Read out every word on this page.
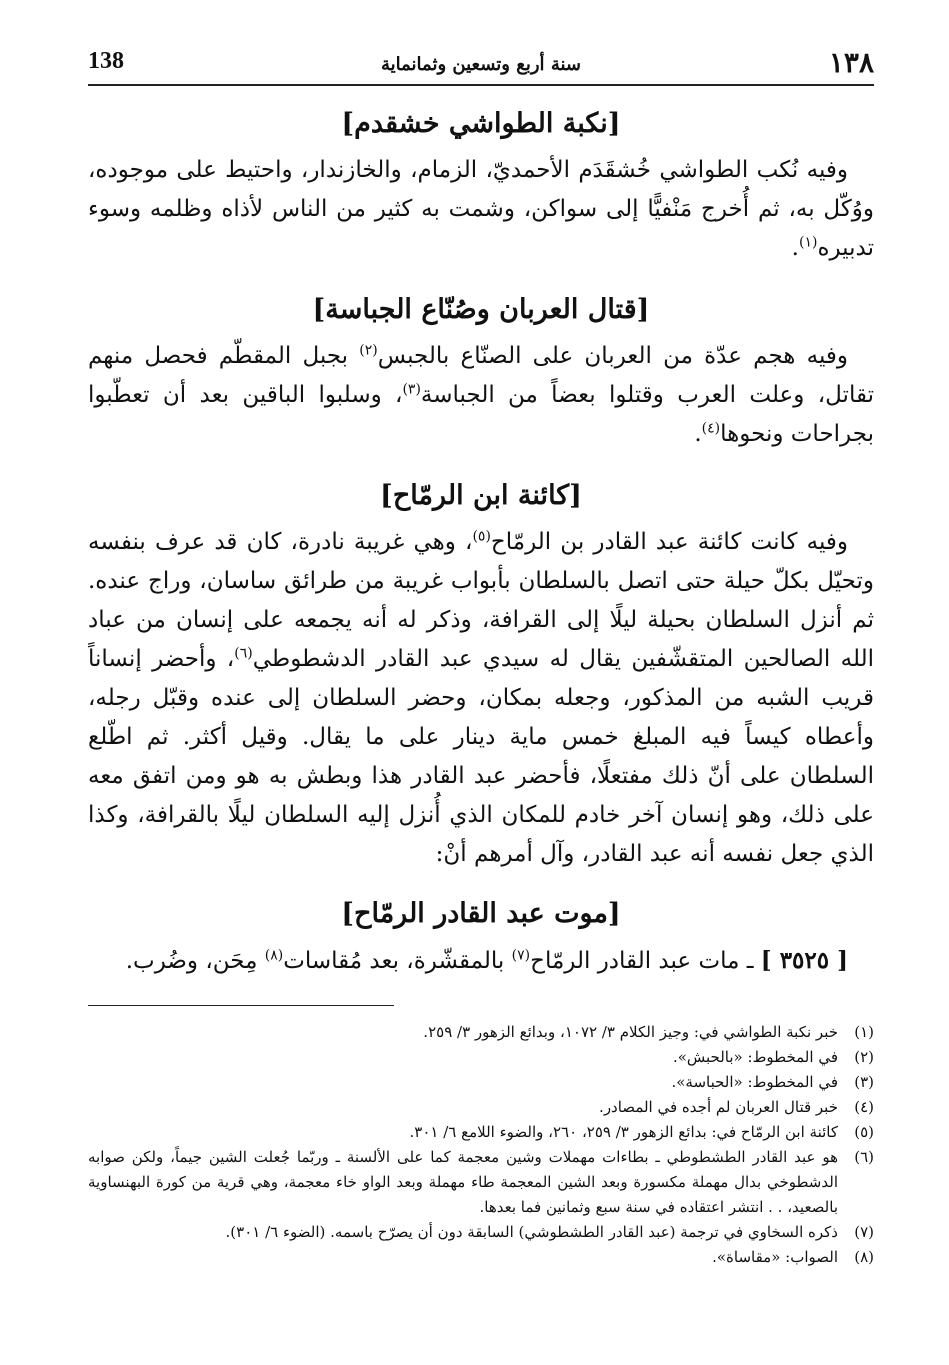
١٣٨
سنة أربع وتسعين وثمانماية
138
[نكبة الطواشي خشقدم]

وفيه نُكب الطواشي خُشقَدَم الأحمديّ، الزمام، والخازندار، واحتيط على موجوده، ووُكّل به، ثم أُخرج مَنْفيًّا إلى سواكن، وشمت به كثير من الناس لأذاه وظلمه وسوء تدبيره$^{(١)}$.

[قتال العربان وصُنّاع الجباسة]

وفيه هجم عدّة من العربان على الصنّاع بالجبس$^{(٢)}$ بجبل المقطّم فحصل منهم تقاتل، وعلت العرب وقتلوا بعضاً من الجباسة$^{(٣)}$، وسلبوا الباقين بعد أن تعطّبوا بجراحات ونحوها$^{(٤)}$.

[كائنة ابن الرمّاح]

وفيه كانت كائنة عبد القادر بن الرمّاح$^{(٥)}$، وهي غريبة نادرة، كان قد عرف بنفسه وتحيّل بكلّ حيلة حتى اتصل بالسلطان بأبواب غريبة من طرائق ساسان، وراج عنده. ثم أنزل السلطان بحيلة ليلًا إلى القرافة، وذكر له أنه يجمعه على إنسان من عباد الله الصالحين المتقشّفين يقال له سيدي عبد القادر الدشطوطي$^{(٦)}$، وأحضر إنساناً قريب الشبه من المذكور، وجعله بمكان، وحضر السلطان إلى عنده وقبّل رجله، وأعطاه كيساً فيه المبلغ خمس ماية دينار على ما يقال. وقيل أكثر. ثم اطّلع السلطان على أنّ ذلك مفتعلًا، فأحضر عبد القادر هذا وبطش به هو ومن اتفق معه على ذلك، وهو إنسان آخر خادم للمكان الذي أُنزل إليه السلطان ليلًا بالقرافة، وكذا الذي جعل نفسه أنه عبد القادر، وآل أمرهم أنْ:

[موت عبد القادر الرمّاح]

[ ٣٥٢٥ ] ـ مات عبد القادر الرمّاح$^{(٧)}$ بالمقشّرة، بعد مُقاسات$^{(٨)}$ مِحَن، وضُرب.

(١)
خبر نكبة الطواشي في: وجيز الكلام ٣/ ١٠٧٢، وبدائع الزهور ٣/ ٢٥٩.
(٢)
في المخطوط: «بالحبش».
(٣)
في المخطوط: «الحباسة».
(٤)
خبر قتال العربان لم أجده في المصادر.
(٥)
كائنة ابن الرمّاح في: بدائع الزهور ٣/ ٢٥٩، ٢٦٠، والضوء اللامع ٦/ ٣٠١.
(٦)
هو عبد القادر الطشطوطي ـ بطاءات مهملات وشين معجمة كما على الألسنة ـ وربّما جُعلت الشين جيماً، ولكن صوابه الدشطوخي بدال مهملة مكسورة وبعد الشين المعجمة طاء مهملة وبعد الواو خاء معجمة، وهي قرية من كورة البهنساوية بالصعيد، . . انتشر اعتقاده في سنة سبع وثمانين فما بعدها.
(٧)
ذكره السخاوي في ترجمة (عبد القادر الطشطوشي) السابقة دون أن يصرّح باسمه. (الضوء ٦/ ٣٠١).
(٨)
الصواب: «مقاساة».
